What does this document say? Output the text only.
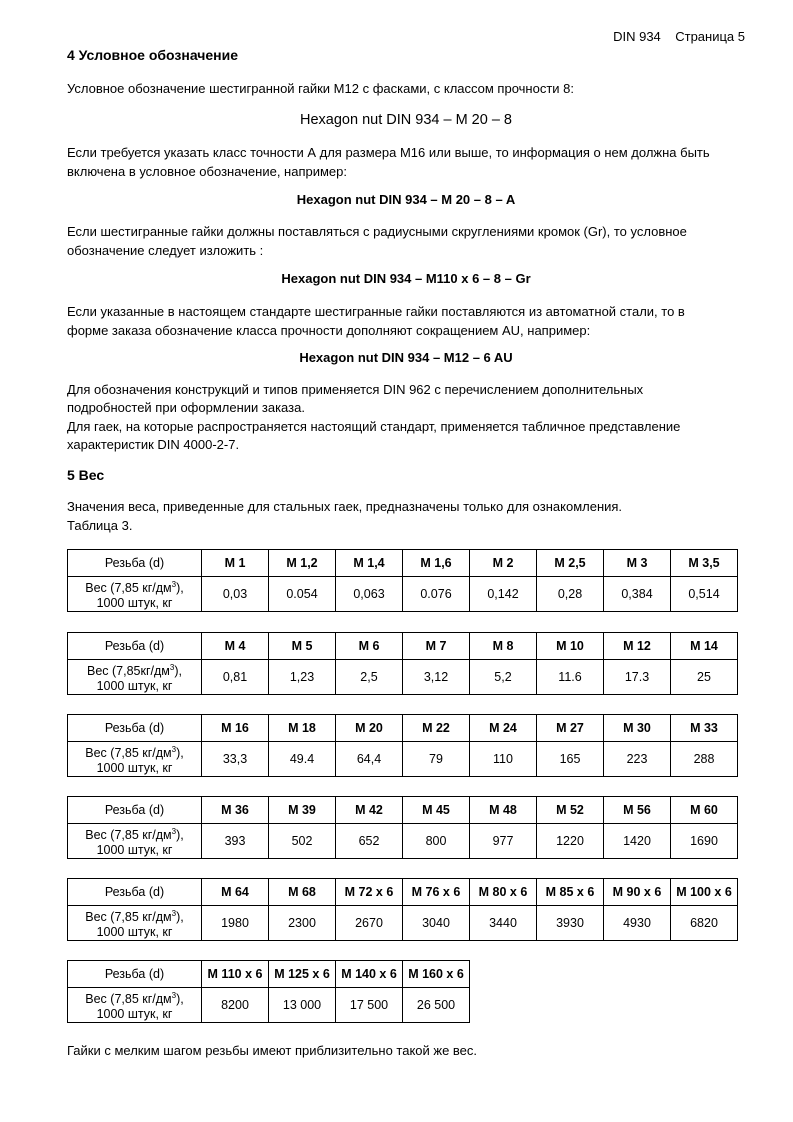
DIN 934    Страница 5
4 Условное обозначение
Условное обозначение шестигранной гайки М12 с фасками, с классом прочности 8:
Hexagon nut DIN 934 – M 20 – 8
Если требуется указать класс точности А для размера М16 или выше, то информация о нем должна быть
включена в условное обозначение, например:
Hexagon nut DIN 934 – M 20 – 8 – A
Если шестигранные гайки должны поставляться с радиусными скруглениями кромок (Gr), то условное
обозначение следует изложить :
Hexagon nut DIN 934 – M110 x 6 – 8 – Gr
Если указанные в настоящем стандарте шестигранные гайки поставляются из автоматной стали, то в
форме заказа обозначение класса прочности дополняют сокращением AU, например:
Hexagon nut DIN 934 – M12 – 6 AU
Для обозначения конструкций и типов применяется DIN 962 с перечислением дополнительных
подробностей при оформлении заказа.
Для гаек, на которые распространяется настоящий стандарт, применяется табличное представление
характеристик DIN 4000-2-7.
5 Вес
Значения веса, приведенные для стальных гаек, предназначены только для ознакомления.
Таблица 3.
Резьба (d)	M 1	M 1,2	M 1,4	M 1,6	M 2	M 2,5	M 3	M 3,5
Вес (7,85 $кг/дм^3$),
1000 штук, кг	0,03	0.054	0,063	0.076	0,142	0,28	0,384	0,514
Резьба (d)	M 4	M 5	M 6	M 7	M 8	M 10	M 12	M 14
Вес $(7,85кг/дм^3)$,
1000 штук, кг	0,81	1,23	2,5	3,12	5,2	11.6	17.3	25
Резьба (d)	M 16	M 18	M 20	M 22	M 24	M 27	M 30	M 33
Вес (7,85 $кг/дм^3$),
1000 штук, кг	33,3	49.4	64,4	79	110	165	223	288
Резьба (d)	M 36	M 39	M 42	M 45	M 48	M 52	M 56	M 60
Вес (7,85 $кг/дм^3$),
1000 штук, кг	393	502	652	800	977	1220	1420	1690
Резьба (d)	M 64	M 68	M 72 x 6	M 76 x 6	M 80 x 6	M 85 x 6	M 90 x 6	M 100 x 6
Вес (7,85 $кг/дм^3$),
1000 штук, кг	1980	2300	2670	3040	3440	3930	4930	6820
Резьба (d)	M 110 x 6	M 125 x 6	M 140 x 6	M 160 x 6
Вес (7,85 $кг/дм^3$),
1000 штук, кг	8200	13 000	17 500	26 500
Гайки с мелким шагом резьбы имеют приблизительно такой же вес.
